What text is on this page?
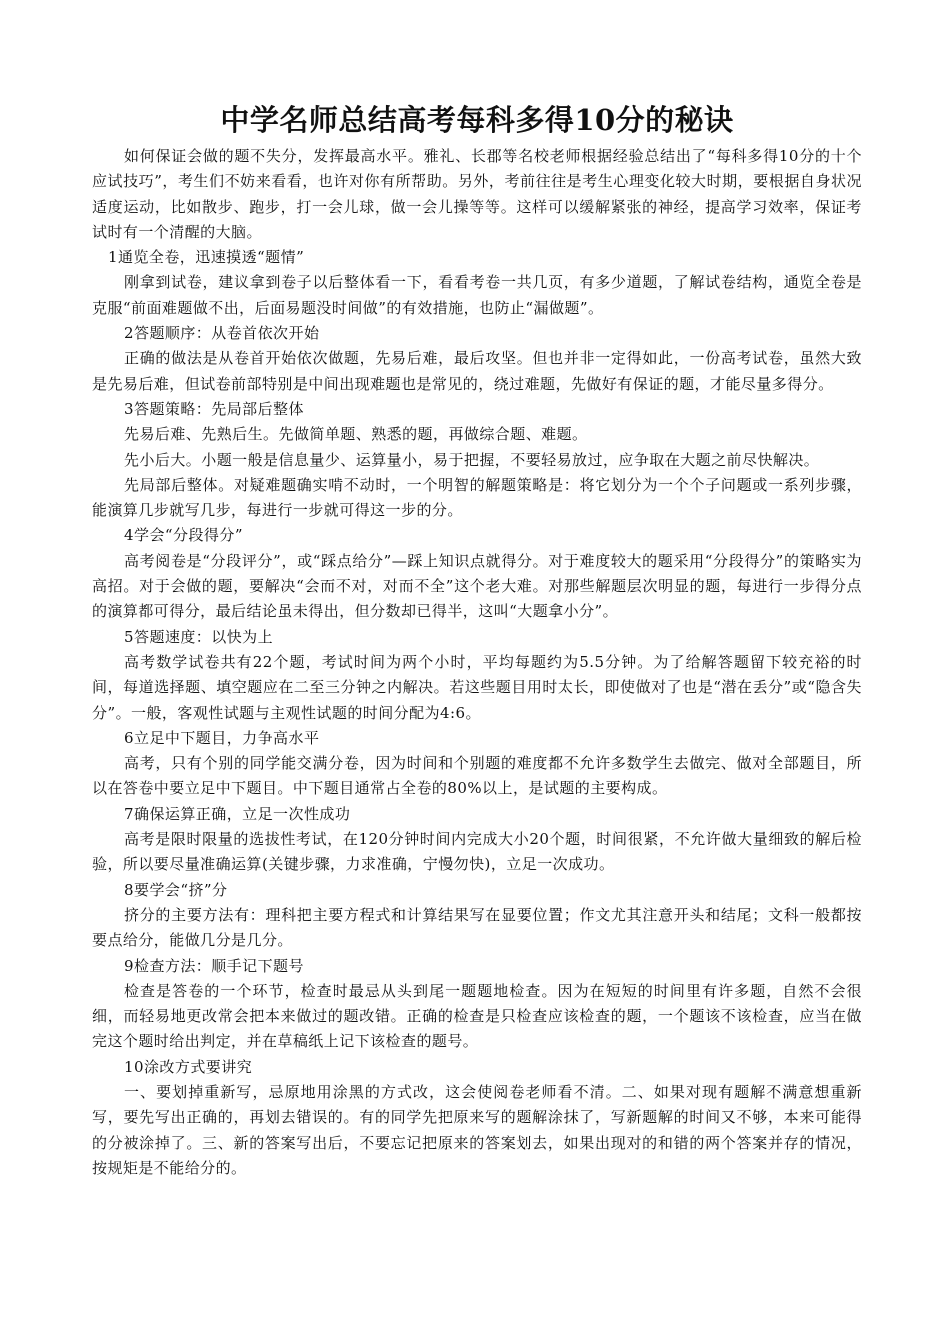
中学名师总结高考每科多得10分的秘诀

如何保证会做的题不失分，发挥最高水平。雅礼、长郡等名校老师根据经验总结出了“每科多得10分的十个应试技巧”，考生们不妨来看看，也许对你有所帮助。另外，考前往往是考生心理变化较大时期，要根据自身状况适度运动，比如散步、跑步，打一会儿球，做一会儿操等等。这样可以缓解紧张的神经，提高学习效率，保证考试时有一个清醒的大脑。

1通览全卷，迅速摸透“题情”

刚拿到试卷，建议拿到卷子以后整体看一下，看看考卷一共几页，有多少道题，了解试卷结构，通览全卷是克服“前面难题做不出，后面易题没时间做”的有效措施，也防止“漏做题”。

2答题顺序：从卷首依次开始

正确的做法是从卷首开始依次做题，先易后难，最后攻坚。但也并非一定得如此，一份高考试卷，虽然大致是先易后难，但试卷前部特别是中间出现难题也是常见的，绕过难题，先做好有保证的题，才能尽量多得分。

3答题策略：先局部后整体

先易后难、先熟后生。先做简单题、熟悉的题，再做综合题、难题。

先小后大。小题一般是信息量少、运算量小，易于把握，不要轻易放过，应争取在大题之前尽快解决。

先局部后整体。对疑难题确实啃不动时，一个明智的解题策略是：将它划分为一个个子问题或一系列步骤，能演算几步就写几步，每进行一步就可得这一步的分。

4学会“分段得分”

高考阅卷是“分段评分”，或“踩点给分”—踩上知识点就得分。对于难度较大的题采用“分段得分”的策略实为高招。对于会做的题，要解决“会而不对，对而不全”这个老大难。对那些解题层次明显的题，每进行一步得分点的演算都可得分，最后结论虽未得出，但分数却已得半，这叫“大题拿小分”。

5答题速度：以快为上

高考数学试卷共有22个题，考试时间为两个小时，平均每题约为5.5分钟。为了给解答题留下较充裕的时间，每道选择题、填空题应在二至三分钟之内解决。若这些题目用时太长，即使做对了也是“潜在丢分”或“隐含失分”。一般，客观性试题与主观性试题的时间分配为4:6。

6立足中下题目，力争高水平

高考，只有个别的同学能交满分卷，因为时间和个别题的难度都不允许多数学生去做完、做对全部题目，所以在答卷中要立足中下题目。中下题目通常占全卷的80%以上，是试题的主要构成。

7确保运算正确，立足一次性成功

高考是限时限量的选拔性考试，在120分钟时间内完成大小20个题，时间很紧，不允许做大量细致的解后检验，所以要尽量准确运算(关键步骤，力求准确，宁慢勿快)，立足一次成功。

8要学会“挤”分

挤分的主要方法有：理科把主要方程式和计算结果写在显要位置；作文尤其注意开头和结尾；文科一般都按要点给分，能做几分是几分。

9检查方法：顺手记下题号

检查是答卷的一个环节，检查时最忌从头到尾一题题地检查。因为在短短的时间里有许多题，自然不会很细，而轻易地更改常会把本来做过的题改错。正确的检查是只检查应该检查的题，一个题该不该检查，应当在做完这个题时给出判定，并在草稿纸上记下该检查的题号。

10涂改方式要讲究

一、要划掉重新写，忌原地用涂黑的方式改，这会使阅卷老师看不清。二、如果对现有题解不满意想重新写，要先写出正确的，再划去错误的。有的同学先把原来写的题解涂抹了，写新题解的时间又不够，本来可能得的分被涂掉了。三、新的答案写出后，不要忘记把原来的答案划去，如果出现对的和错的两个答案并存的情况，按规矩是不能给分的。
